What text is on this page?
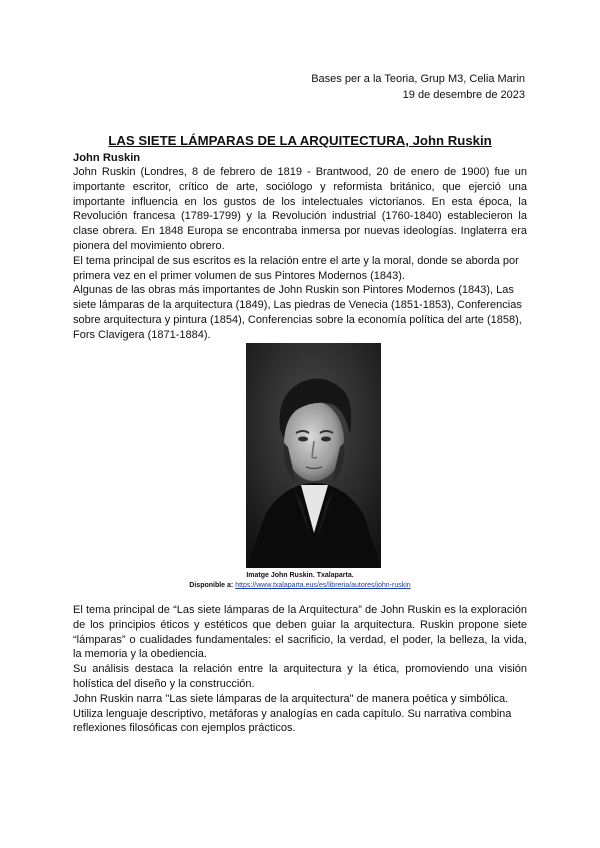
Bases per a la Teoria, Grup M3, Celia Marin
19 de desembre de 2023
LAS SIETE LÁMPARAS DE LA ARQUITECTURA, John Ruskin
John Ruskin

John Ruskin (Londres, 8 de febrero de 1819 - Brantwood, 20 de enero de 1900) fue un importante escritor, crítico de arte, sociólogo y reformista británico, que ejerció una importante influencia en los gustos de los intelectuales victorianos. En esta época, la Revolución francesa (1789-1799) y la Revolución industrial (1760-1840) establecieron la clase obrera. En 1848 Europa se encontraba inmersa por nuevas ideologías. Inglaterra era pionera del movimiento obrero.

El tema principal de sus escritos es la relación entre el arte y la moral, donde se aborda por primera vez en el primer volumen de sus Pintores Modernos (1843).

Algunas de las obras más importantes de John Ruskin son Pintores Modernos (1843), Las siete lámparas de la arquitectura (1849), Las piedras de Venecia (1851-1853), Conferencias sobre arquitectura y pintura (1854), Conferencias sobre la economía política del arte (1858), Fors Clavigera (1871-1884).

Imatge John Ruskin. Txalaparta.
Disponible a: https://www.txalaparta.eus/es/libreria/autores/john-ruskin

El tema principal de “Las siete lámparas de la Arquitectura” de John Ruskin es la exploración de los principios éticos y estéticos que deben guiar la arquitectura. Ruskin propone siete “lámparas” o cualidades fundamentales: el sacrificio, la verdad, el poder, la belleza, la vida, la memoria y la obediencia.

Su análisis destaca la relación entre la arquitectura y la ética, promoviendo una visión holística del diseño y la construcción.

John Ruskin narra "Las siete lámparas de la arquitectura" de manera poética y simbólica. Utiliza lenguaje descriptivo, metáforas y analogías en cada capítulo. Su narrativa combina reflexiones filosóficas con ejemplos prácticos.
